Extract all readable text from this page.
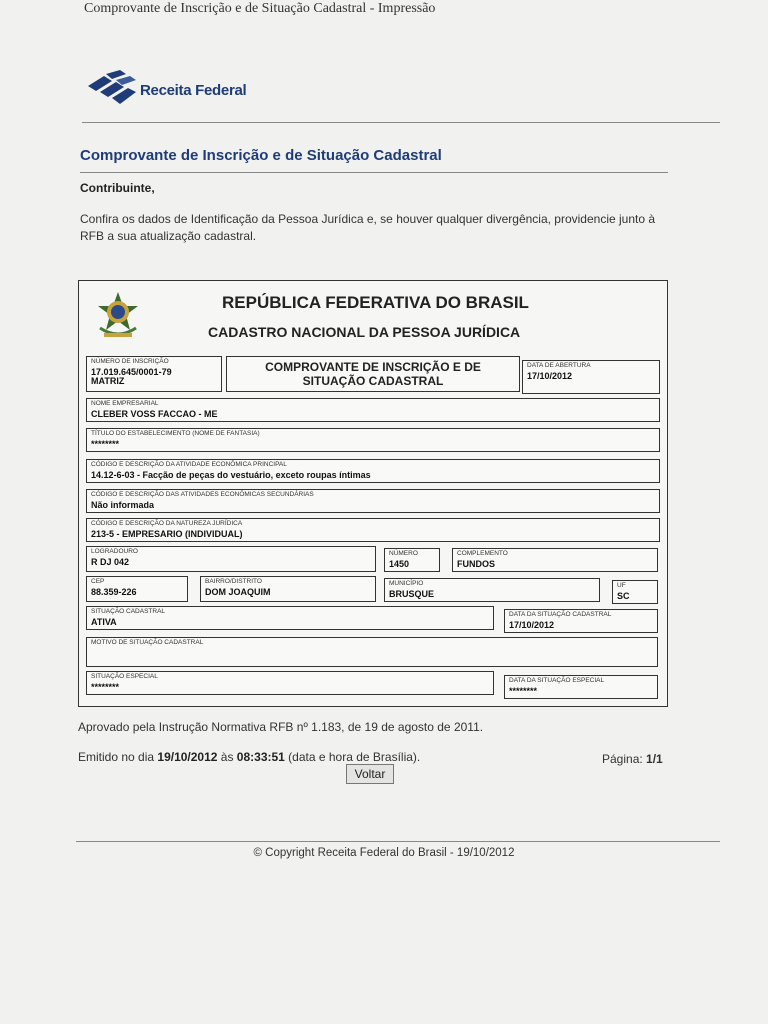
Comprovante de Inscrição e de Situação Cadastral - Impressão
Receita Federal
Comprovante de Inscrição e de Situação Cadastral
Contribuinte,
Confira os dados de Identificação da Pessoa Jurídica e, se houver qualquer divergência, providencie junto à RFB a sua atualização cadastral.
REPÚBLICA FEDERATIVA DO BRASIL
CADASTRO NACIONAL DA PESSOA JURÍDICA
NÚMERO DE INSCRIÇÃO
17.019.645/0001-79
MATRIZ
COMPROVANTE DE INSCRIÇÃO E DE SITUAÇÃO CADASTRAL
DATA DE ABERTURA
17/10/2012
NOME EMPRESARIAL
CLEBER VOSS FACCAO - ME
TÍTULO DO ESTABELECIMENTO (NOME DE FANTASIA)
********
CÓDIGO E DESCRIÇÃO DA ATIVIDADE ECONÔMICA PRINCIPAL
14.12-6-03 - Facção de peças do vestuário, exceto roupas íntimas
CÓDIGO E DESCRIÇÃO DAS ATIVIDADES ECONÔMICAS SECUNDÁRIAS
Não informada
CÓDIGO E DESCRIÇÃO DA NATUREZA JURÍDICA
213-5 - EMPRESARIO (INDIVIDUAL)
LOGRADOURO
R DJ 042
NÚMERO
1450
COMPLEMENTO
FUNDOS
CEP
88.359-226
BAIRRO/DISTRITO
DOM JOAQUIM
MUNICÍPIO
BRUSQUE
UF
SC
SITUAÇÃO CADASTRAL
ATIVA
DATA DA SITUAÇÃO CADASTRAL
17/10/2012
MOTIVO DE SITUAÇÃO CADASTRAL
SITUAÇÃO ESPECIAL
********
DATA DA SITUAÇÃO ESPECIAL
********
Aprovado pela Instrução Normativa RFB nº 1.183, de 19 de agosto de 2011.
Emitido no dia 19/10/2012 às 08:33:51 (data e hora de Brasília).	Página: 1/1
Voltar
© Copyright Receita Federal do Brasil - 19/10/2012
